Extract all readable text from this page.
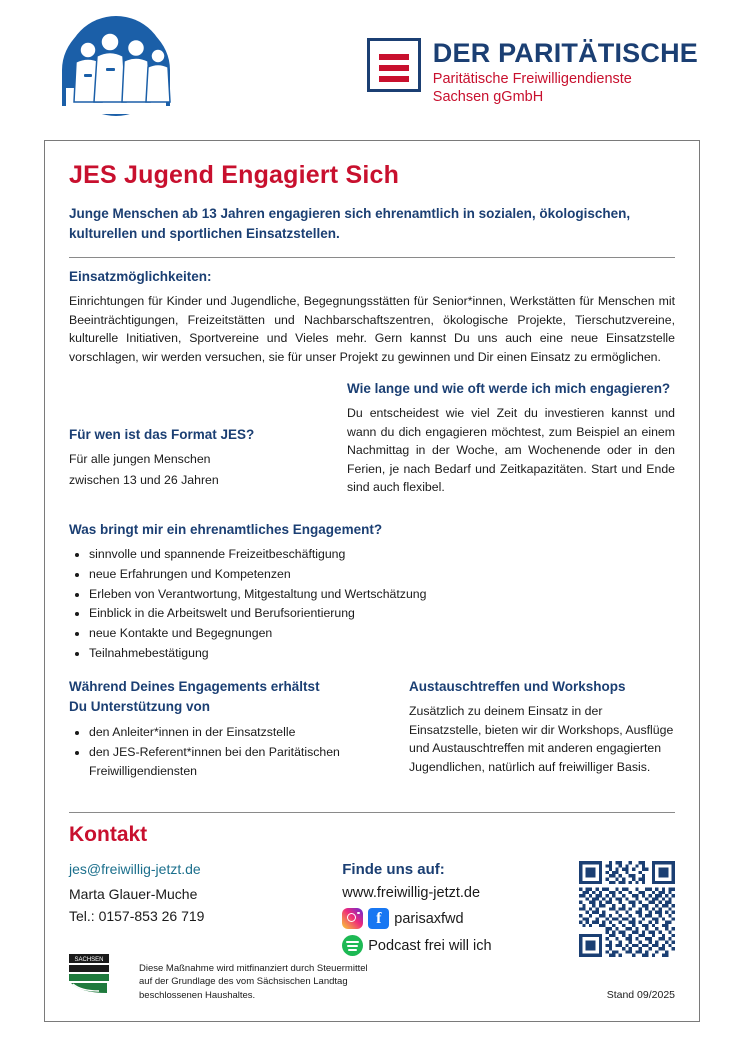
DER PARITÄTISCHE
Paritätische Freiwilligendienste
Sachsen gGmbH
JES Jugend Engagiert Sich

Junge Menschen ab 13 Jahren engagieren sich ehrenamtlich in sozialen, ökologischen, kulturellen und sportlichen Einsatzstellen.

Einsatzmöglichkeiten:

Einrichtungen für Kinder und Jugendliche, Begegnungsstätten für Senior*innen, Werkstätten für Menschen mit Beeinträchtigungen, Freizeitstätten und Nachbarschaftszentren, ökologische Projekte, Tierschutzvereine, kulturelle Initiativen, Sportvereine und Vieles mehr. Gern kannst Du uns auch eine neue Einsatzstelle vorschlagen, wir werden versuchen, sie für unser Projekt zu gewinnen und Dir einen Einsatz zu ermöglichen.

Für wen ist das Format JES?

Für alle jungen Menschen

zwischen 13 und 26 Jahren

Wie lange und wie oft werde ich mich engagieren?

Du entscheidest wie viel Zeit du investieren kannst und wann du dich engagieren möchtest, zum Beispiel an einem Nachmittag in der Woche, am Wochenende oder in den Ferien, je nach Bedarf und Zeitkapazitäten. Start und Ende sind auch flexibel.

Was bringt mir ein ehrenamtliches Engagement?
• sinnvolle und spannende Freizeitbeschäftigung
• neue Erfahrungen und Kompetenzen
• Erleben von Verantwortung, Mitgestaltung und Wertschätzung
• Einblick in die Arbeitswelt und Berufsorientierung
• neue Kontakte und Begegnungen
• Teilnahmebestätigung
Während Deines Engagements erhältst
Du Unterstützung von
• den Anleiter*innen in der Einsatzstelle
• den JES-Referent*innen bei den Paritätischen Freiwilligendiensten
Austauschtreffen und Workshops

Zusätzlich zu deinem Einsatz in der Einsatzstelle, bieten wir dir Workshops, Ausflüge und Austauschtreffen mit anderen engagierten Jugendlichen, natürlich auf freiwilliger Basis.

Kontakt
jes@freiwillig-jetzt.de
Marta Glauer-Muche
Tel.: 0157-853 26 719
Finde uns auf:
www.freiwillig-jetzt.de
f parisaxfwd
Podcast frei will ich
SACHSEN
Diese Maßnahme wird mitfinanziert durch Steuermittel
auf der Grundlage des vom Sächsischen Landtag
beschlossenen Haushaltes.	Stand 09/2025
